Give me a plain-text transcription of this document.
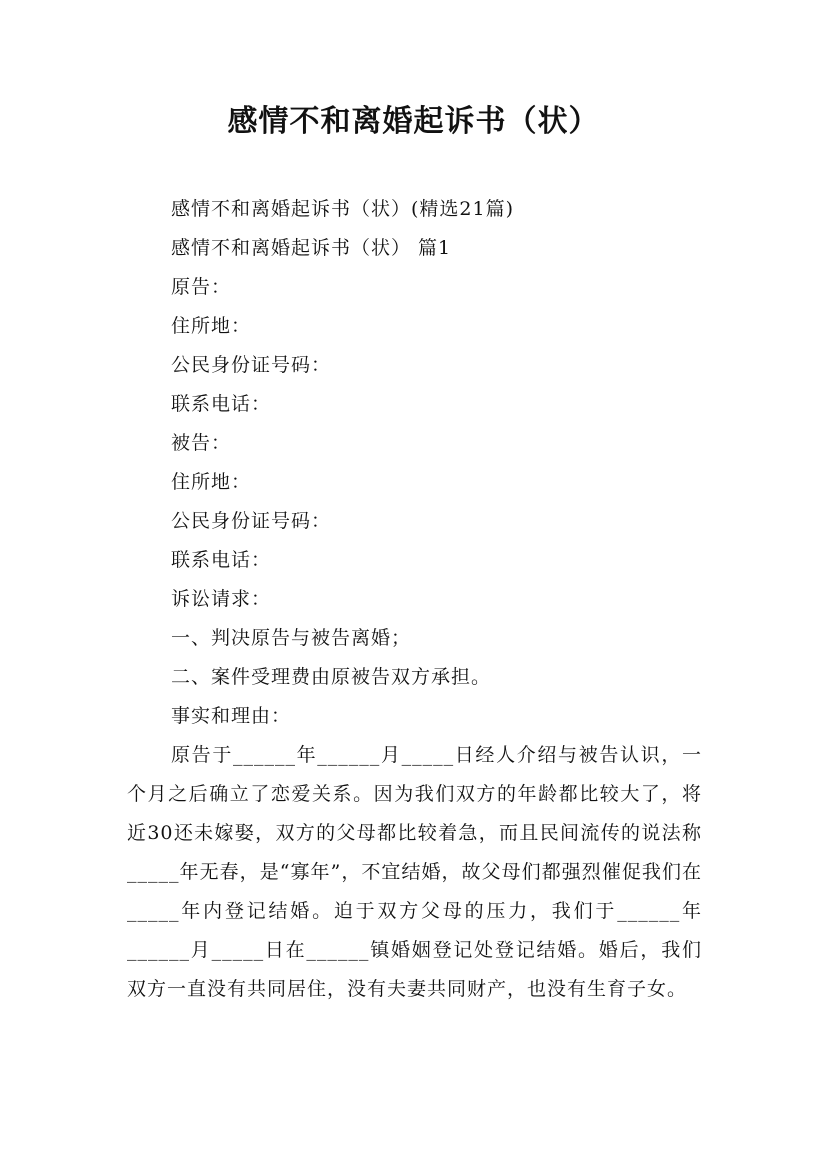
感情不和离婚起诉书（状）
感情不和离婚起诉书（状）(精选21篇)
感情不和离婚起诉书（状） 篇1
原告：
住所地：
公民身份证号码：
联系电话：
被告：
住所地：
公民身份证号码：
联系电话：
诉讼请求：
一、判决原告与被告离婚；
二、案件受理费由原被告双方承担。
事实和理由：
原告于______年______月_____日经人介绍与被告认识，一个月之后确立了恋爱关系。因为我们双方的年龄都比较大了，将近30还未嫁娶，双方的父母都比较着急，而且民间流传的说法称_____年无春，是“寡年”，不宜结婚，故父母们都强烈催促我们在_____年内登记结婚。迫于双方父母的压力，我们于______年______月_____日在______镇婚姻登记处登记结婚。婚后，我们双方一直没有共同居住，没有夫妻共同财产，也没有生育子女。
